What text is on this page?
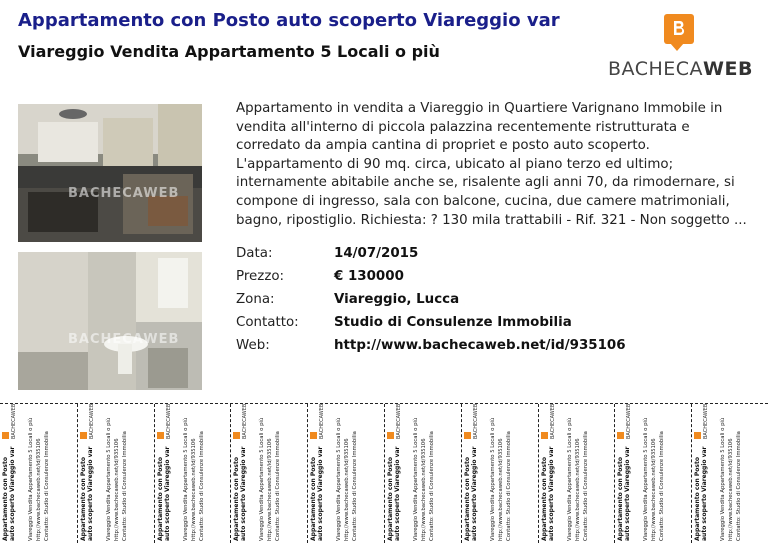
Appartamento con Posto auto scoperto Viareggio var
Viareggio Vendita Appartamento 5 Locali o più
BACHECAWEB
BACHECAWEB
BACHECAWEB
Appartamento in vendita a Viareggio in Quartiere Varignano Immobile in vendita all'interno di piccola palazzina recentemente ristrutturata e corredato da ampia cantina di propriet e posto auto scoperto. L'appartamento di 90 mq. circa, ubicato al piano terzo ed ultimo; internamente abitabile anche se, risalente agli anni 70, da rimodernare, si compone di ingresso, sala con balcone, cucina, due camere matrimoniali, bagno, ripostiglio. Richiesta: ? 130 mila trattabili - Rif. 321 - Non soggetto ...
Data:	14/07/2015
Prezzo:	€ 130000
Zona:	Viareggio, Lucca
Contatto:	Studio di Consulenze Immobilia
Web:	http://www.bachecaweb.net/id/935106
BACHECAWEB
Appartamento con Posto auto scoperto Viareggio var Viareggio Vendita Appartamento 5 Locali o più http://www.bachecaweb.net/id/935106 Contatto: Studio di Consulenze Immobilia
BACHECAWEB
Appartamento con Posto auto scoperto Viareggio var Viareggio Vendita Appartamento 5 Locali o più http://www.bachecaweb.net/id/935106 Contatto: Studio di Consulenze Immobilia
BACHECAWEB
Appartamento con Posto auto scoperto Viareggio var Viareggio Vendita Appartamento 5 Locali o più http://www.bachecaweb.net/id/935106 Contatto: Studio di Consulenze Immobilia
BACHECAWEB
Appartamento con Posto auto scoperto Viareggio var Viareggio Vendita Appartamento 5 Locali o più http://www.bachecaweb.net/id/935106 Contatto: Studio di Consulenze Immobilia
BACHECAWEB
Appartamento con Posto auto scoperto Viareggio var Viareggio Vendita Appartamento 5 Locali o più http://www.bachecaweb.net/id/935106 Contatto: Studio di Consulenze Immobilia
BACHECAWEB
Appartamento con Posto auto scoperto Viareggio var Viareggio Vendita Appartamento 5 Locali o più http://www.bachecaweb.net/id/935106 Contatto: Studio di Consulenze Immobilia
BACHECAWEB
Appartamento con Posto auto scoperto Viareggio var Viareggio Vendita Appartamento 5 Locali o più http://www.bachecaweb.net/id/935106 Contatto: Studio di Consulenze Immobilia
BACHECAWEB
Appartamento con Posto auto scoperto Viareggio var Viareggio Vendita Appartamento 5 Locali o più http://www.bachecaweb.net/id/935106 Contatto: Studio di Consulenze Immobilia
BACHECAWEB
Appartamento con Posto auto scoperto Viareggio var Viareggio Vendita Appartamento 5 Locali o più http://www.bachecaweb.net/id/935106 Contatto: Studio di Consulenze Immobilia
BACHECAWEB
Appartamento con Posto auto scoperto Viareggio var Viareggio Vendita Appartamento 5 Locali o più http://www.bachecaweb.net/id/935106 Contatto: Studio di Consulenze Immobilia
